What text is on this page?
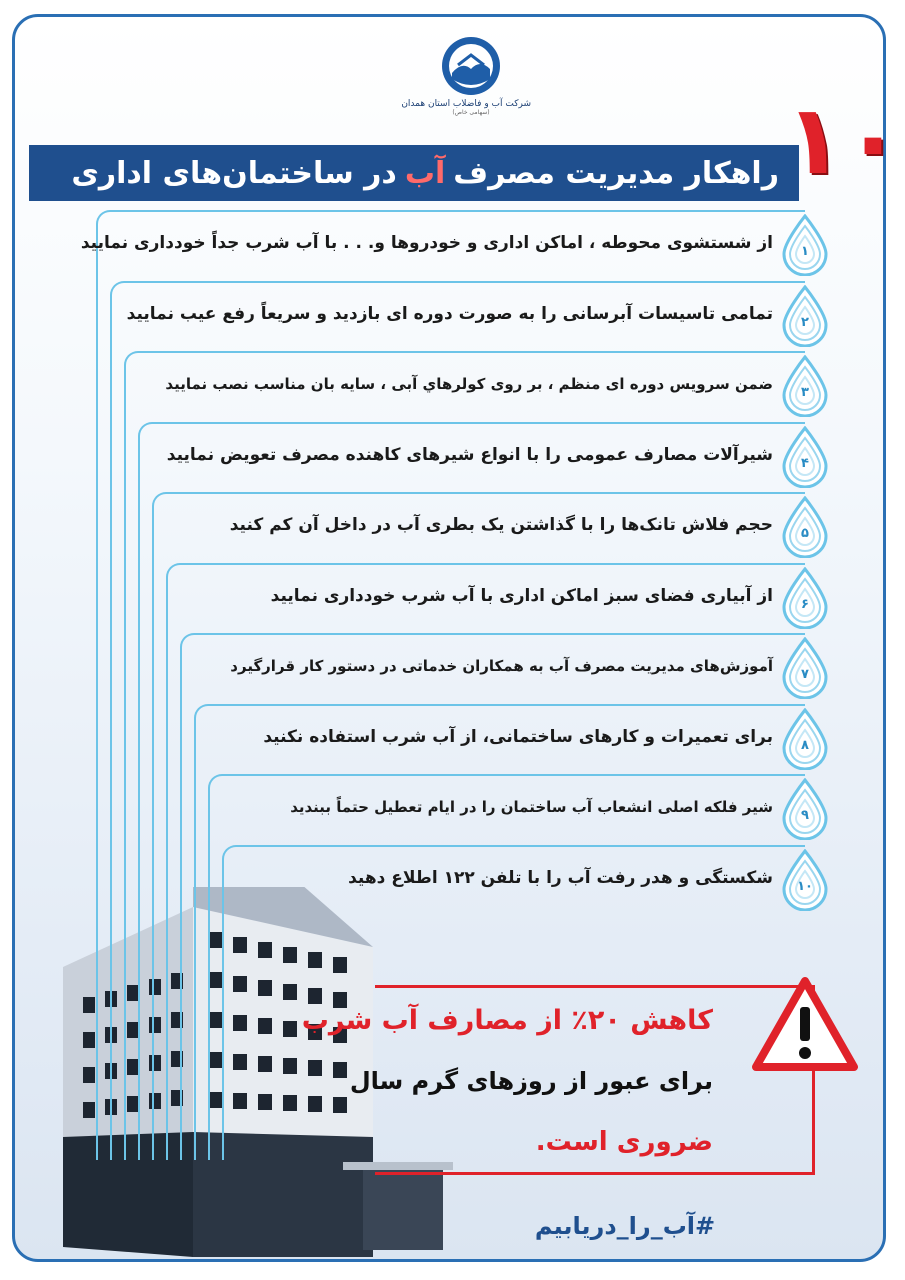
شرکت آب و فاضلاب استان همدان
(سهامی خاص)
راهکار مدیریت مصرف
آب
در ساختمان‌های اداری
کاهش ۲۰٪ از مصارف آب شرب
برای عبور از روزهای گرم سال
ضروری است.
#آب_را_دریابیم
۱۰
از شستشوی محوطه ، اماکن اداری و خودروها و. . . با آب شرب جداً خودداری نمایید	۱
تمامی تاسیسات آبرسانی را به صورت دوره ای بازدید و سریعاً رفع عیب نمایید	۲
ضمن سرویس دوره ای منظم ، بر روی کولرهاي آبی ، سایه بان مناسب نصب نمایید	۳
شیرآلات مصارف عمومی را با انواع شیرهای کاهنده مصرف تعویض نمایید	۴
حجم فلاش تانک‌ها را با گذاشتن یک بطری آب در داخل آن کم کنید	۵
از آبیاری فضای سبز اماکن اداری با آب شرب خودداری نمایید	۶
آموزش‌های مدیریت مصرف آب به همکاران خدماتی در دستور کار قرارگیرد	۷
برای تعمیرات و کارهای ساختمانی، از آب شرب استفاده نکنید	۸
شیر فلکه اصلی انشعاب آب ساختمان را در ایام تعطیل حتماً ببندید	۹
شکستگی و هدر رفت آب را با تلفن ۱۲۲ اطلاع دهید	۱۰
